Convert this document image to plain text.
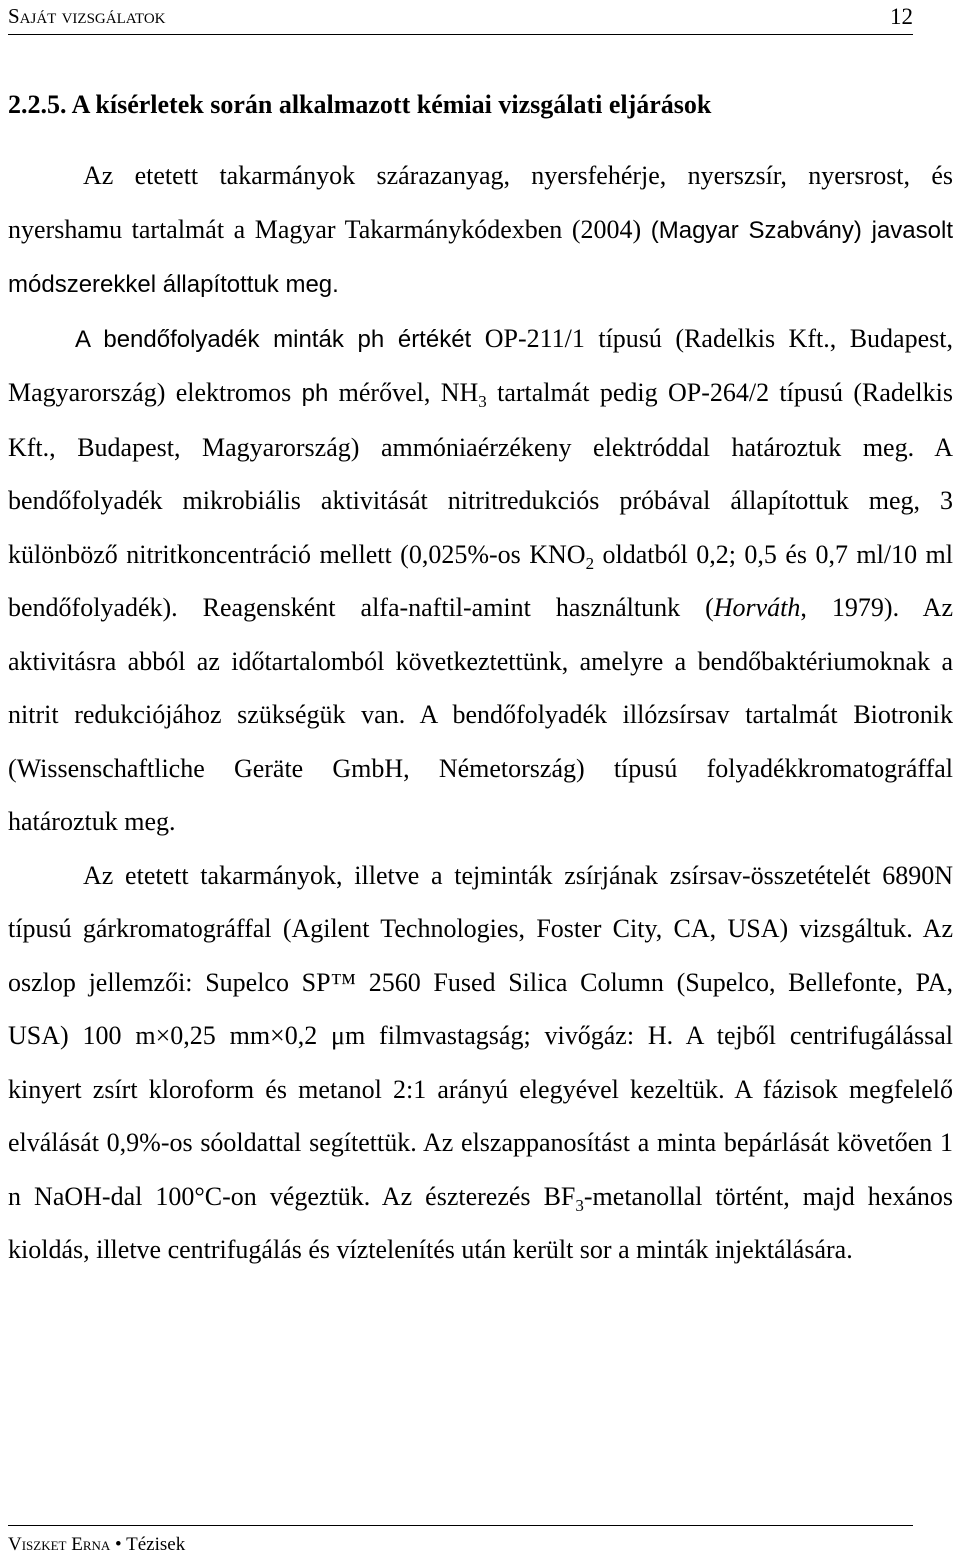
Saját vizsgálatok	12
2.2.5. A kísérletek során alkalmazott kémiai vizsgálati eljárások

Az etetett takarmányok szárazanyag, nyersfehérje, nyerszsír, nyersrost, és nyershamu tartalmát a Magyar Takarmánykódexben (2004) (Magyar Szabvány) javasolt módszerekkel állapítottuk meg.
A bendőfolyadék minták ph értékét OP-211/1 típusú (Radelkis Kft., Budapest, Magyarország) elektromos ph mérővel, $NH_3$ tartalmát pedig OP-264/2 típusú (Radelkis Kft., Budapest, Magyarország) ammóniaérzékeny elektróddal határoztuk meg. A bendőfolyadék mikrobiális aktivitását nitritredukciós próbával állapítottuk meg, 3 különböző nitritkoncentráció mellett (0,025%-os $KNO_2$ oldatból 0,2; 0,5 és 0,7 ml/10 ml bendőfolyadék). Reagensként alfa-naftil-amint használtunk (Horváth, 1979). Az aktivitásra abból az időtartalomból következtettünk, amelyre a bendőbaktériumoknak a nitrit redukciójához szükségük van. A bendőfolyadék illózsírsav tartalmát Biotronik (Wissenschaftliche Geräte GmbH, Németország) típusú folyadékkromatográffal határoztuk meg.

Az etetett takarmányok, illetve a tejminták zsírjának zsírsav-összetételét 6890N típusú gárkromatográffal (Agilent Technologies, Foster City, CA, USA) vizsgáltuk. Az oszlop jellemzői: Supelco SP™ 2560 Fused Silica Column (Supelco, Bellefonte, PA, USA) 100 m×0,25 mm×0,2 μm filmvastagság; vivőgáz: H. A tejből centrifugálással kinyert zsírt kloroform és metanol 2:1 arányú elegyével kezeltük. A fázisok megfelelő elválását 0,9%-os sóoldattal segítettük. Az elszappanosítást a minta bepárlását követően 1 n NaOH-dal 100°C-on végeztük. Az észterezés $BF_3$-metanollal történt, majd hexános kioldás, illetve centrifugálás és víztelenítés után került sor a minták injektálására.

Viszket Erna • Tézisek
